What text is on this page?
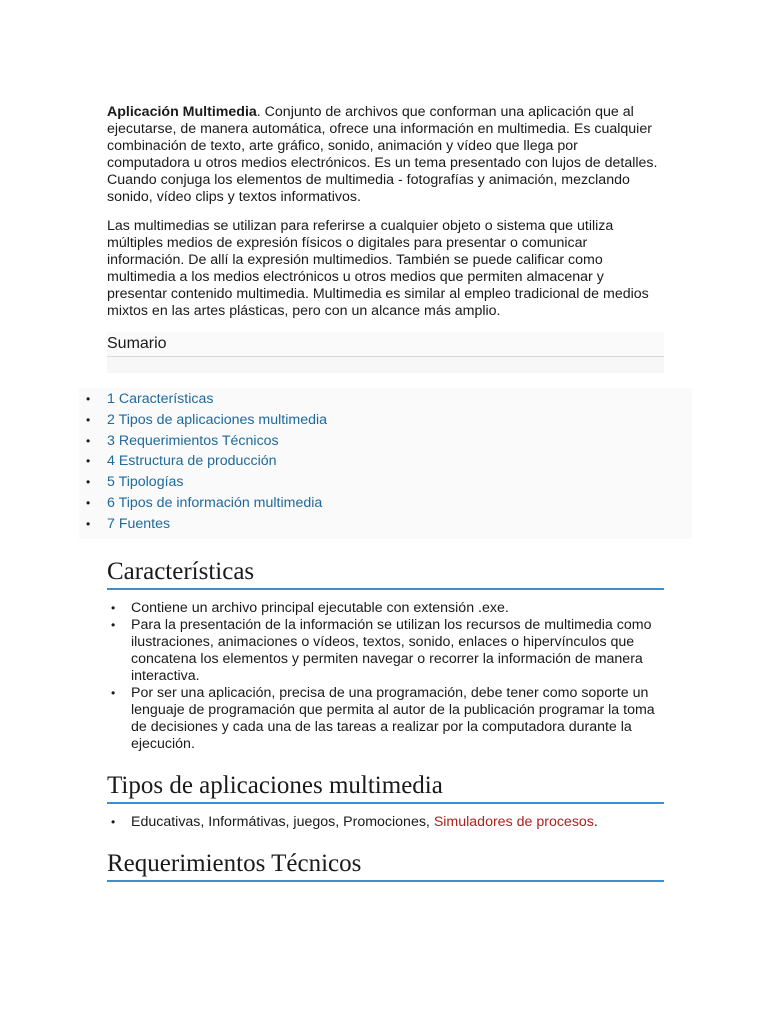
Aplicación Multimedia. Conjunto de archivos que conforman una aplicación que al ejecutarse, de manera automática, ofrece una información en multimedia. Es cualquier combinación de texto, arte gráfico, sonido, animación y vídeo que llega por computadora u otros medios electrónicos. Es un tema presentado con lujos de detalles. Cuando conjuga los elementos de multimedia - fotografías y animación, mezclando sonido, vídeo clips y textos informativos.

Las multimedias se utilizan para referirse a cualquier objeto o sistema que utiliza múltiples medios de expresión físicos o digitales para presentar o comunicar información. De allí la expresión multimedios. También se puede calificar como multimedia a los medios electrónicos u otros medios que permiten almacenar y presentar contenido multimedia. Multimedia es similar al empleo tradicional de medios mixtos en las artes plásticas, pero con un alcance más amplio.

Sumario
• 1 Características
• 2 Tipos de aplicaciones multimedia
• 3 Requerimientos Técnicos
• 4 Estructura de producción
• 5 Tipologías
• 6 Tipos de información multimedia
• 7 Fuentes
Características
• Contiene un archivo principal ejecutable con extensión .exe.
• Para la presentación de la información se utilizan los recursos de multimedia como ilustraciones, animaciones o vídeos, textos, sonido, enlaces o hipervínculos que concatena los elementos y permiten navegar o recorrer la información de manera interactiva.
• Por ser una aplicación, precisa de una programación, debe tener como soporte un lenguaje de programación que permita al autor de la publicación programar la toma de decisiones y cada una de las tareas a realizar por la computadora durante la ejecución.
Tipos de aplicaciones multimedia
• Educativas, Informátivas, juegos, Promociones, Simuladores de procesos.
Requerimientos Técnicos
